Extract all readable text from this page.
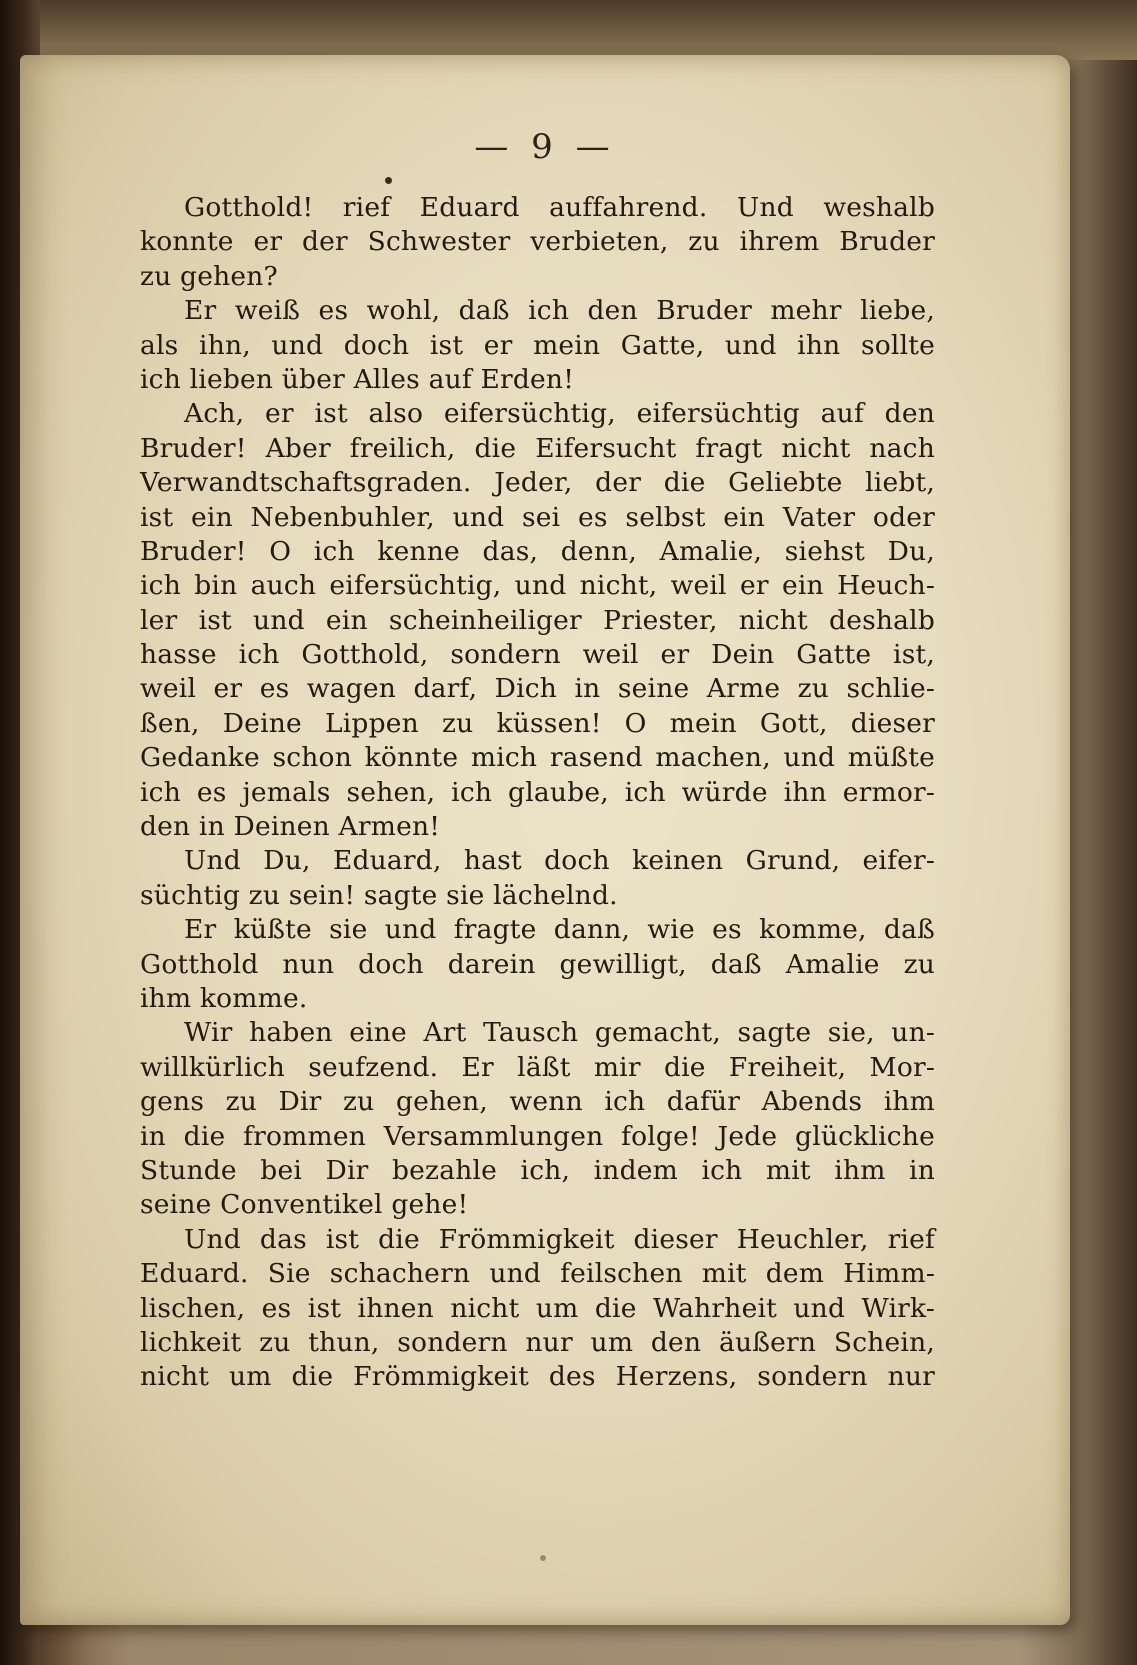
— 9 —
Gotthold! rief Eduard auffahrend. Und weshalb
konnte er der Schwester verbieten, zu ihrem Bruder
zu gehen?
Er weiß es wohl, daß ich den Bruder mehr liebe,
als ihn, und doch ist er mein Gatte, und ihn sollte
ich lieben über Alles auf Erden!
Ach, er ist also eifersüchtig, eifersüchtig auf den
Bruder! Aber freilich, die Eifersucht fragt nicht nach
Verwandtschaftsgraden. Jeder, der die Geliebte liebt,
ist ein Nebenbuhler, und sei es selbst ein Vater oder
Bruder! O ich kenne das, denn, Amalie, siehst Du,
ich bin auch eifersüchtig, und nicht, weil er ein Heuch-
ler ist und ein scheinheiliger Priester, nicht deshalb
hasse ich Gotthold, sondern weil er Dein Gatte ist,
weil er es wagen darf, Dich in seine Arme zu schlie-
ßen, Deine Lippen zu küssen! O mein Gott, dieser
Gedanke schon könnte mich rasend machen, und müßte
ich es jemals sehen, ich glaube, ich würde ihn ermor-
den in Deinen Armen!
Und Du, Eduard, hast doch keinen Grund, eifer-
süchtig zu sein! sagte sie lächelnd.
Er küßte sie und fragte dann, wie es komme, daß
Gotthold nun doch darein gewilligt, daß Amalie zu
ihm komme.
Wir haben eine Art Tausch gemacht, sagte sie, un-
willkürlich seufzend. Er läßt mir die Freiheit, Mor-
gens zu Dir zu gehen, wenn ich dafür Abends ihm
in die frommen Versammlungen folge! Jede glückliche
Stunde bei Dir bezahle ich, indem ich mit ihm in
seine Conventikel gehe!
Und das ist die Frömmigkeit dieser Heuchler, rief
Eduard. Sie schachern und feilschen mit dem Himm-
lischen, es ist ihnen nicht um die Wahrheit und Wirk-
lichkeit zu thun, sondern nur um den äußern Schein,
nicht um die Frömmigkeit des Herzens, sondern nur
